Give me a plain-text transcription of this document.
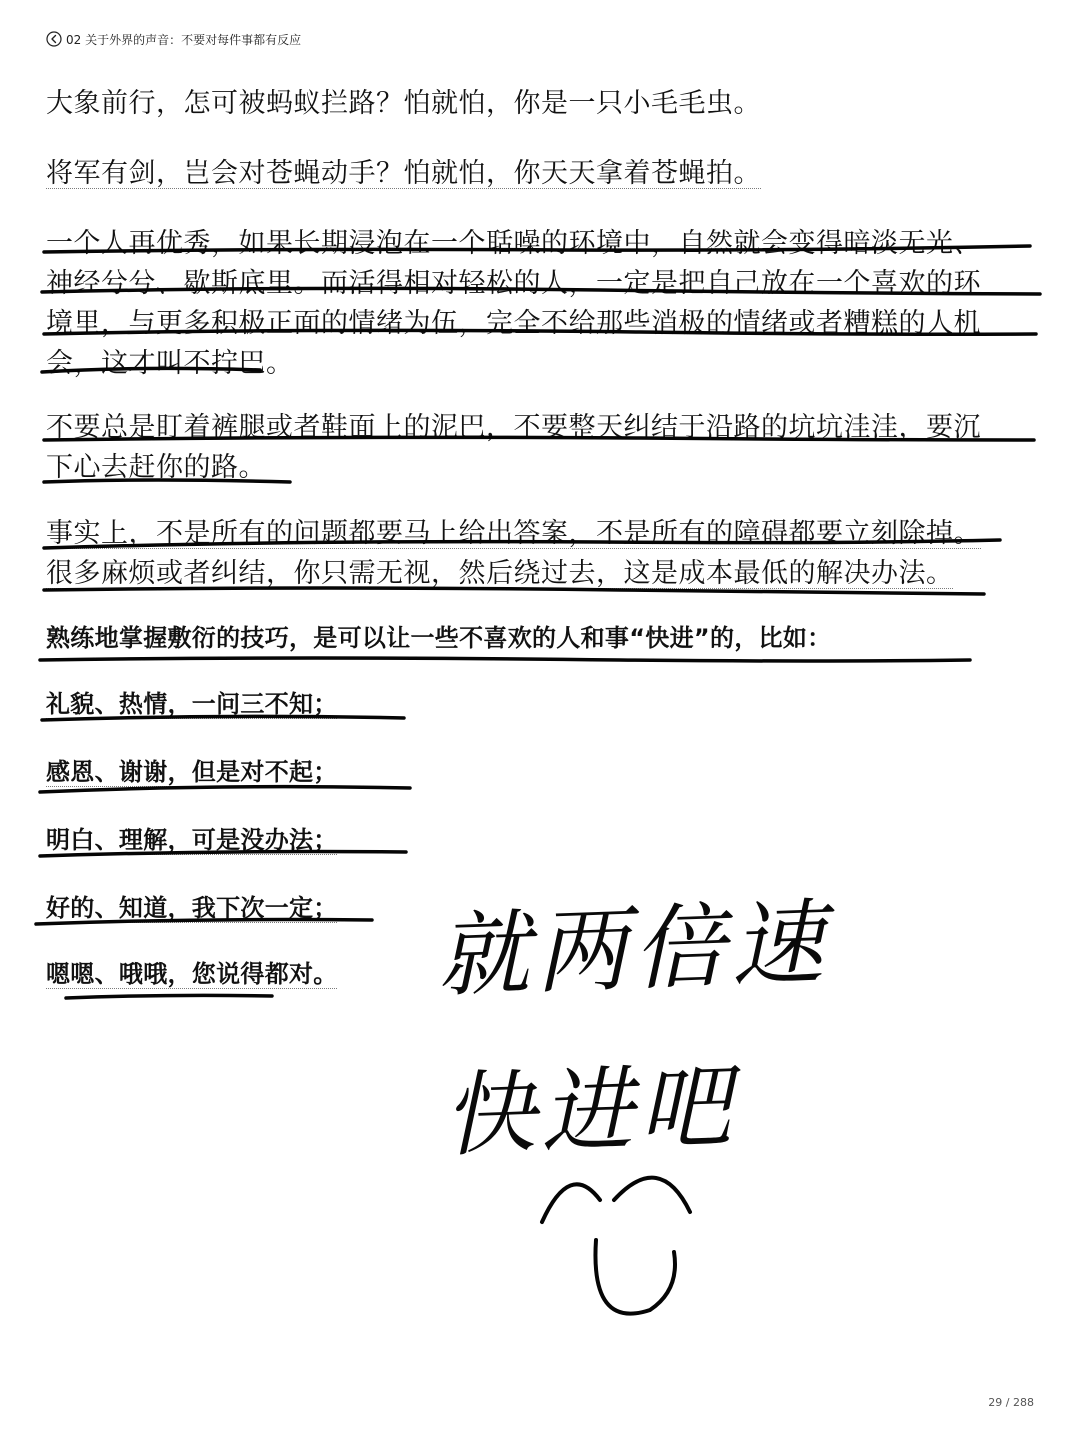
02 关于外界的声音：不要对每件事都有反应

大象前行，怎可被蚂蚁拦路？怕就怕，你是一只小毛毛虫。

将军有剑，岂会对苍蝇动手？怕就怕，你天天拿着苍蝇拍。

一个人再优秀，如果长期浸泡在一个聒噪的环境中，自然就会变得暗淡无光、
神经兮兮、歇斯底里。而活得相对轻松的人，一定是把自己放在一个喜欢的环
境里，与更多积极正面的情绪为伍，完全不给那些消极的情绪或者糟糕的人机
会，这才叫不拧巴。

不要总是盯着裤腿或者鞋面上的泥巴，不要整天纠结于沿路的坑坑洼洼，要沉
下心去赶你的路。

事实上，不是所有的问题都要马上给出答案，不是所有的障碍都要立刻除掉。
很多麻烦或者纠结，你只需无视，然后绕过去，这是成本最低的解决办法。

熟练地掌握敷衍的技巧，是可以让一些不喜欢的人和事“快进”的，比如：

礼貌、热情，一问三不知；

感恩、谢谢，但是对不起；

明白、理解，可是没办法；

好的、知道，我下次一定；

嗯嗯、哦哦，您说得都对。 就两倍速
快进吧
29 / 288
